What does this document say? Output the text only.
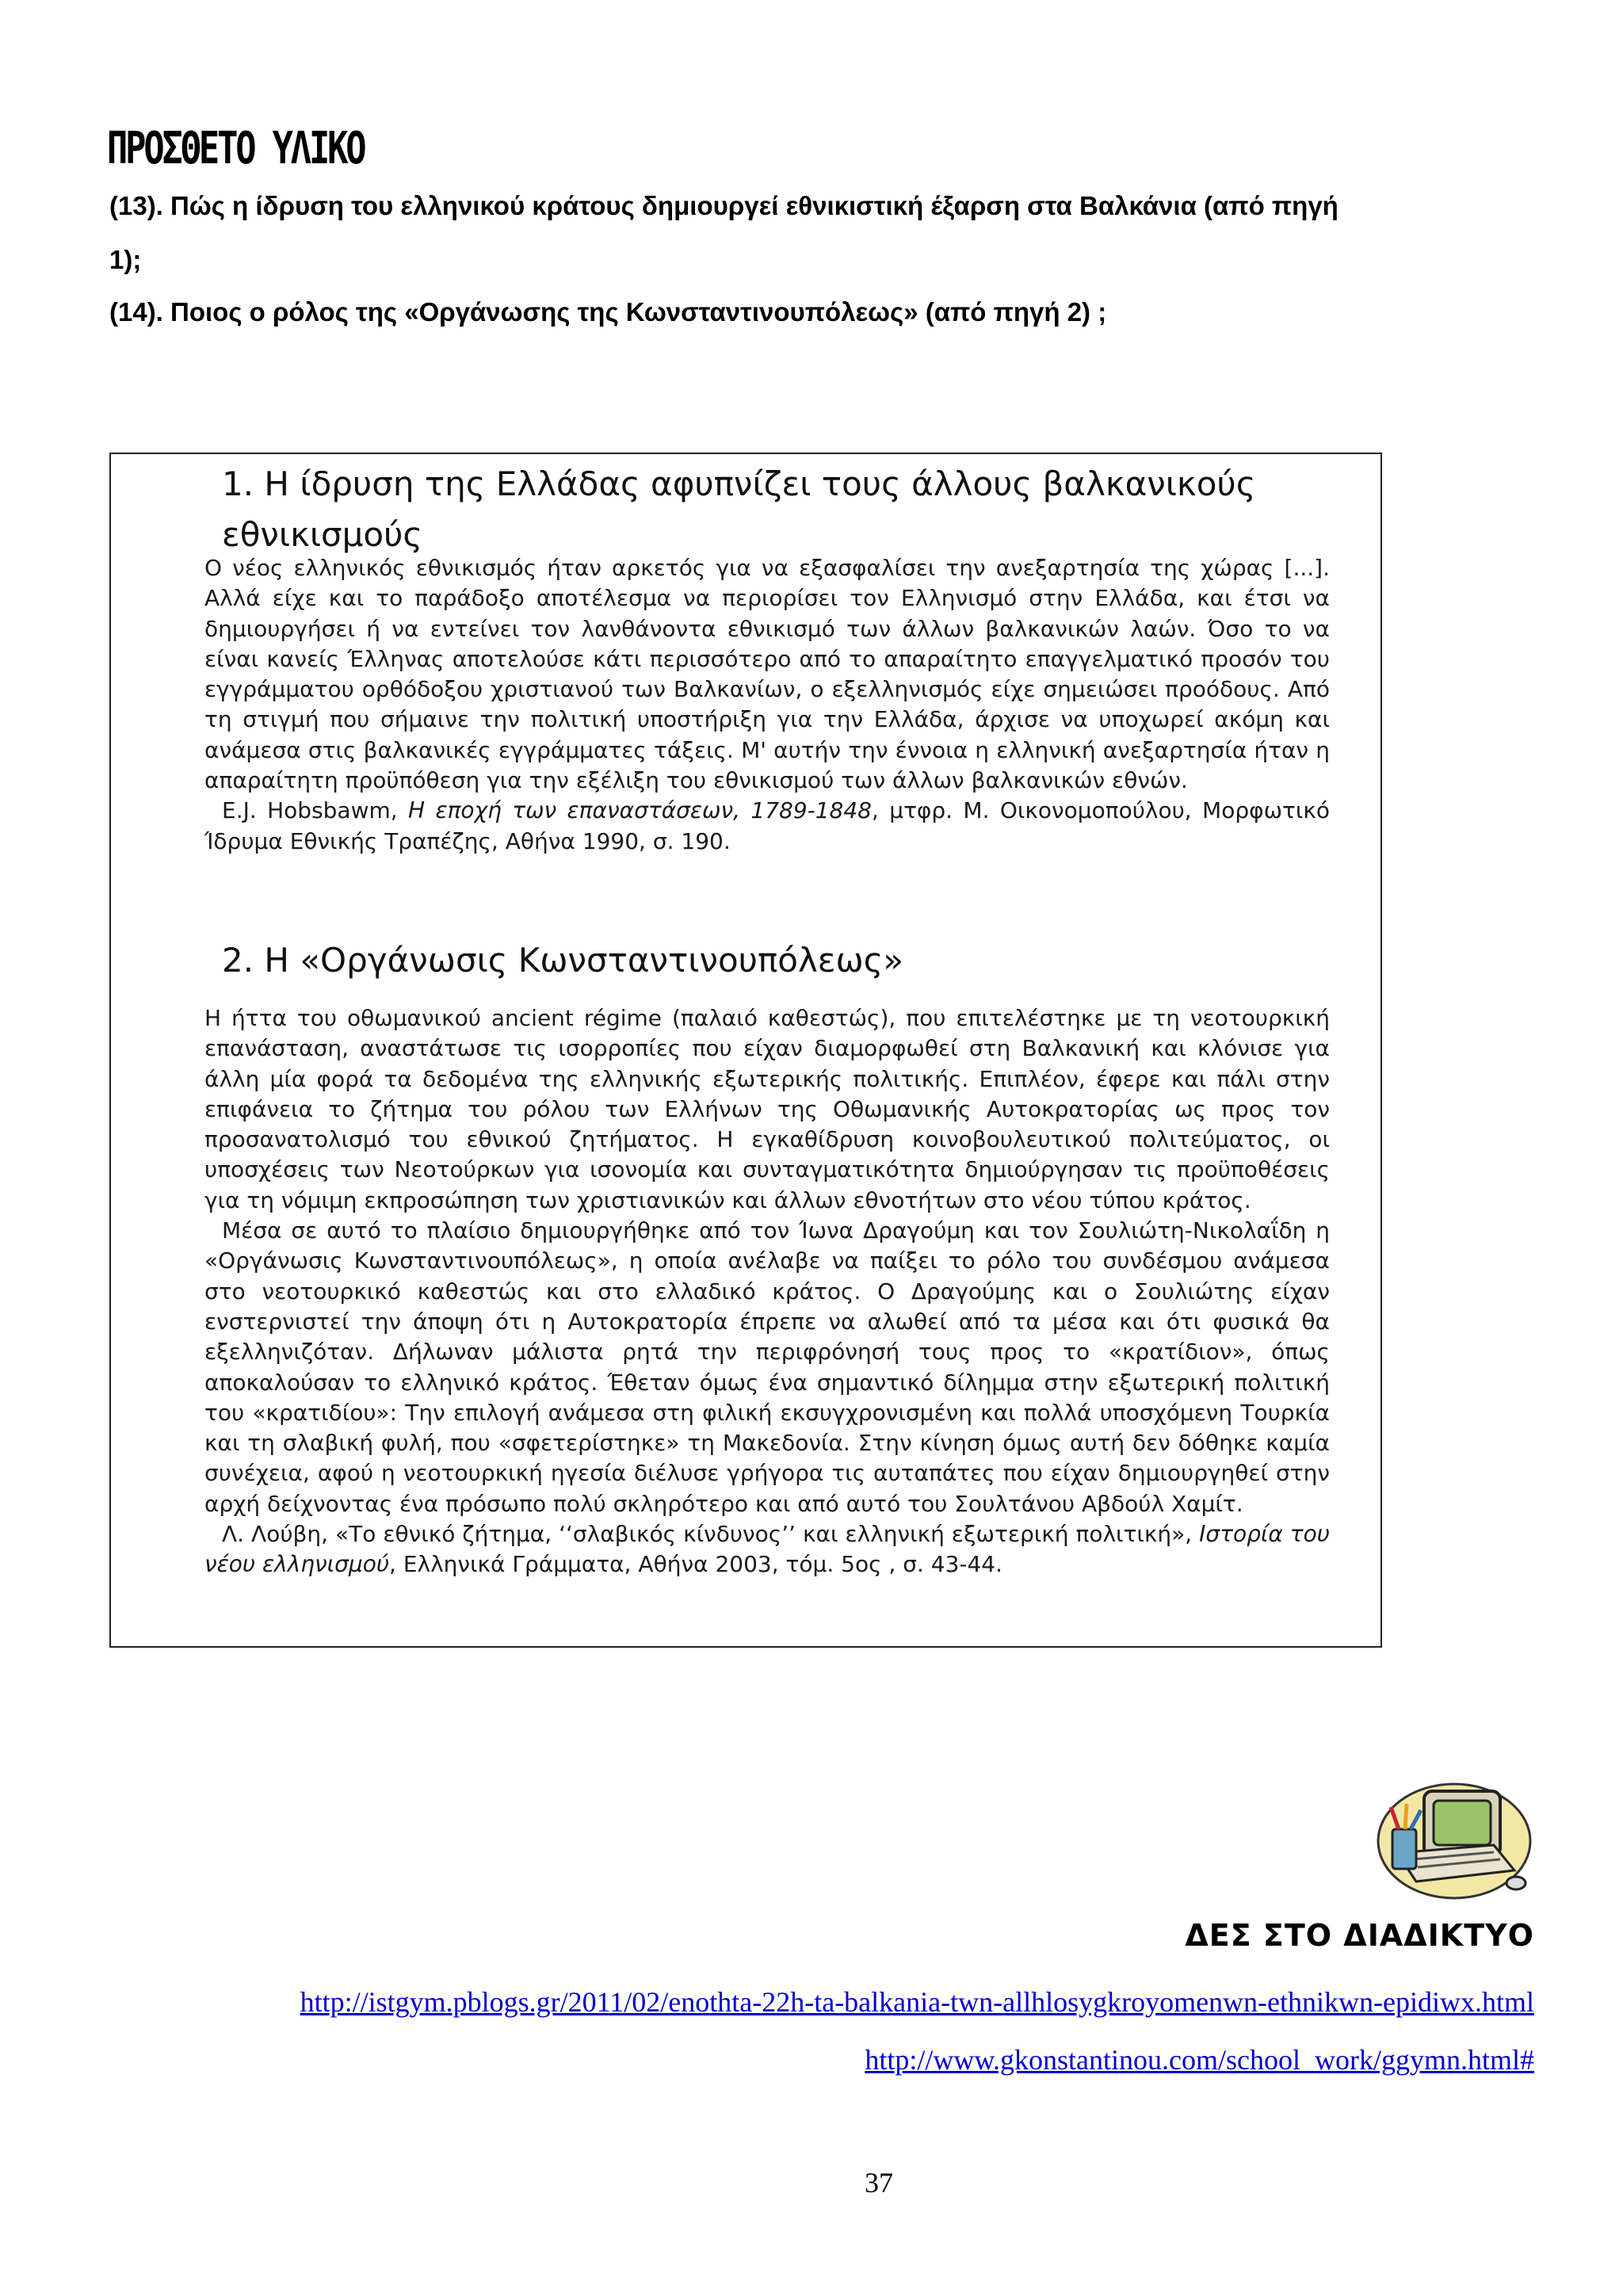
ΠΡΟΣΘΕΤΟ ΥΛΙΚΟ
(13). Πώς η ίδρυση του ελληνικού κράτους δημιουργεί εθνικιστική έξαρση στα Βαλκάνια (από πηγή
1);
(14). Ποιος ο ρόλος της «Οργάνωσης της Κωνσταντινουπόλεως» (από πηγή 2) ;
1. Η ίδρυση της Ελλάδας αφυπνίζει τους άλλους βαλκανικούς εθνικισμούς

Ο νέος ελληνικός εθνικισμός ήταν αρκετός για να εξασφαλίσει την ανεξαρτησία της χώρας [...]. Αλλά είχε και το παράδοξο αποτέλεσμα να περιορίσει τον Ελληνισμό στην Ελλάδα, και έτσι να δημιουργήσει ή να εντείνει τον λανθάνοντα εθνικισμό των άλλων βαλκανικών λαών. Όσο το να είναι κανείς Έλληνας αποτελούσε κάτι περισσότερο από το απαραίτητο επαγγελματικό προσόν του εγγράμματου ορθόδοξου χριστιανού των Βαλκανίων, ο εξελληνισμός είχε σημειώσει προόδους. Από τη στιγμή που σήμαινε την πολιτική υποστήριξη για την Ελλάδα, άρχισε να υποχωρεί ακόμη και ανάμεσα στις βαλκανικές εγγράμματες τάξεις. Μ' αυτήν την έννοια η ελληνική ανεξαρτησία ήταν η απαραίτητη προϋπόθεση για την εξέλιξη του εθνικισμού των άλλων βαλκανικών εθνών.

E.J. Hobsbawm, Η εποχή των επαναστάσεων, 1789-1848, μτφρ. Μ. Οικονομοπούλου, Μορφωτικό Ίδρυμα Εθνικής Τραπέζης, Αθήνα 1990, σ. 190.

2. Η «Οργάνωσις Κωνσταντινουπόλεως»

Η ήττα του οθωμανικού ancient régime (παλαιό καθεστώς), που επιτελέστηκε με τη νεοτουρκική επανάσταση, αναστάτωσε τις ισορροπίες που είχαν διαμορφωθεί στη Βαλκανική και κλόνισε για άλλη μία φορά τα δεδομένα της ελληνικής εξωτερικής πολιτικής. Επιπλέον, έφερε και πάλι στην επιφάνεια το ζήτημα του ρόλου των Ελλήνων της Οθωμανικής Αυτοκρατορίας ως προς τον προσανατολισμό του εθνικού ζητήματος. Η εγκαθίδρυση κοινοβουλευτικού πολιτεύματος, οι υποσχέσεις των Νεοτούρκων για ισονομία και συνταγματικότητα δημιούργησαν τις προϋποθέσεις για τη νόμιμη εκπροσώπηση των χριστιανικών και άλλων εθνοτήτων στο νέου τύπου κράτος.

Μέσα σε αυτό το πλαίσιο δημιουργήθηκε από τον Ίωνα Δραγούμη και τον Σουλιώτη-Νικολαΐδη η «Οργάνωσις Κωνσταντινουπόλεως», η οποία ανέλαβε να παίξει το ρόλο του συνδέσμου ανάμεσα στο νεοτουρκικό καθεστώς και στο ελλαδικό κράτος. Ο Δραγούμης και ο Σουλιώτης είχαν ενστερνιστεί την άποψη ότι η Αυτοκρατορία έπρεπε να αλωθεί από τα μέσα και ότι φυσικά θα εξελληνιζόταν. Δήλωναν μάλιστα ρητά την περιφρόνησή τους προς το «κρατίδιον», όπως αποκαλούσαν το ελληνικό κράτος. Έθεταν όμως ένα σημαντικό δίλημμα στην εξωτερική πολιτική του «κρατιδίου»: Την επιλογή ανάμεσα στη φιλική εκσυγχρονισμένη και πολλά υποσχόμενη Τουρκία και τη σλαβική φυλή, που «σφετερίστηκε» τη Μακεδονία. Στην κίνηση όμως αυτή δεν δόθηκε καμία συνέχεια, αφού η νεοτουρκική ηγεσία διέλυσε γρήγορα τις αυταπάτες που είχαν δημιουργηθεί στην αρχή δείχνοντας ένα πρόσωπο πολύ σκληρότερο και από αυτό του Σουλτάνου Αβδούλ Χαμίτ.

Λ. Λούβη, «Το εθνικό ζήτημα, ‘‘σλαβικός κίνδυνος’’ και ελληνική εξωτερική πολιτική», Ιστορία του νέου ελληνισμού, Ελληνικά Γράμματα, Αθήνα 2003, τόμ. 5ος , σ. 43-44.

ΔΕΣ ΣΤΟ ΔΙΑΔΙΚΤΥΟ
http://istgym.pblogs.gr/2011/02/enothta-22h-ta-balkania-twn-allhlosygkroyomenwn-ethnikwn-epidiwx.html
http://www.gkonstantinou.com/school_work/ggymn.html#
37
